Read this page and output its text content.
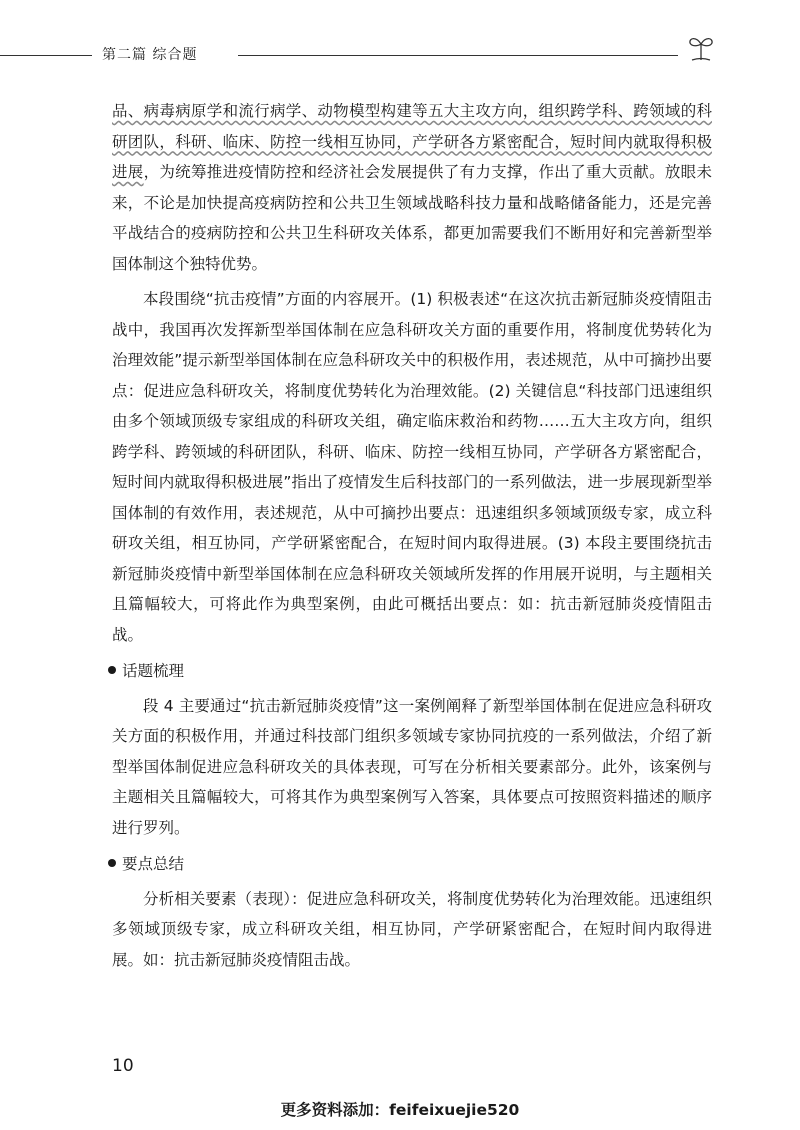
第二篇 综合题

品、病毒病原学和流行病学、动物模型构建等五大主攻方向，组织跨学科、跨领域的科研团队，科研、临床、防控一线相互协同，产学研各方紧密配合，短时间内就取得积极进展，为统筹推进疫情防控和经济社会发展提供了有力支撑，作出了重大贡献。放眼未来，不论是加快提高疫病防控和公共卫生领域战略科技力量和战略储备能力，还是完善平战结合的疫病防控和公共卫生科研攻关体系，都更加需要我们不断用好和完善新型举国体制这个独特优势。

本段围绕“抗击疫情”方面的内容展开。(1) 积极表述“在这次抗击新冠肺炎疫情阻击战中，我国再次发挥新型举国体制在应急科研攻关方面的重要作用，将制度优势转化为治理效能”提示新型举国体制在应急科研攻关中的积极作用，表述规范，从中可摘抄出要点：促进应急科研攻关，将制度优势转化为治理效能。(2) 关键信息“科技部门迅速组织由多个领域顶级专家组成的科研攻关组，确定临床救治和药物……五大主攻方向，组织跨学科、跨领域的科研团队，科研、临床、防控一线相互协同，产学研各方紧密配合，短时间内就取得积极进展”指出了疫情发生后科技部门的一系列做法，进一步展现新型举国体制的有效作用，表述规范，从中可摘抄出要点：迅速组织多领域顶级专家，成立科研攻关组，相互协同，产学研紧密配合，在短时间内取得进展。(3) 本段主要围绕抗击新冠肺炎疫情中新型举国体制在应急科研攻关领域所发挥的作用展开说明，与主题相关且篇幅较大，可将此作为典型案例，由此可概括出要点：如：抗击新冠肺炎疫情阻击战。

话题梳理

段 4 主要通过“抗击新冠肺炎疫情”这一案例阐释了新型举国体制在促进应急科研攻关方面的积极作用，并通过科技部门组织多领域专家协同抗疫的一系列做法，介绍了新型举国体制促进应急科研攻关的具体表现，可写在分析相关要素部分。此外，该案例与主题相关且篇幅较大，可将其作为典型案例写入答案，具体要点可按照资料描述的顺序进行罗列。

要点总结

分析相关要素（表现）：促进应急科研攻关，将制度优势转化为治理效能。迅速组织多领域顶级专家，成立科研攻关组，相互协同，产学研紧密配合，在短时间内取得进展。如：抗击新冠肺炎疫情阻击战。

10
更多资料添加：feifeixuejie520
